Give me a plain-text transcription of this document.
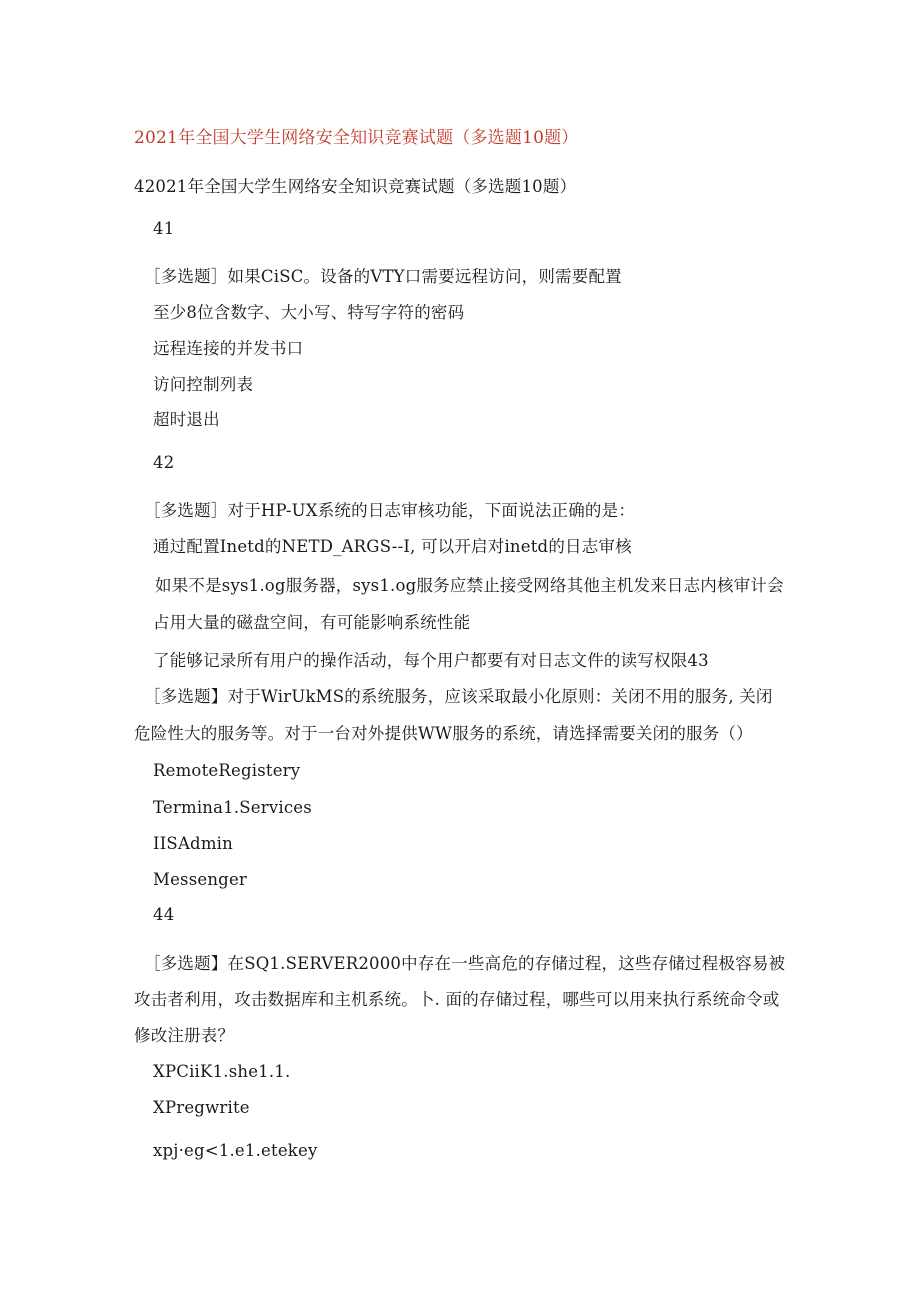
2021年全国大学生网络安全知识竞赛试题（多选题10题）
42021年全国大学生网络安全知识竞赛试题（多选题10题）
41
［多选题］如果CiSC。设备的VTY口需要远程访问，则需要配置
至少8位含数字、大小写、特写字符的密码
远程连接的并发书口
访问控制列表
超时退出
42
［多选题］对于HP-UX系统的日志审核功能，下面说法正确的是：
通过配置Inetd的NETD_ARGS--I, 可以开启对inetd的日志审核
如果不是sys1.og服务器，sys1.og服务应禁止接受网络其他主机发来日志内核审计会
占用大量的磁盘空间，有可能影响系统性能
了能够记录所有用户的操作活动，每个用户都要有对日志文件的读写权限43
［多选题】对于WirUkMS的系统服务，应该采取最小化原则：关闭不用的服务, 关闭
危险性大的服务等。对于一台对外提供WW服务的系统，请选择需要关闭的服务（）
RemoteRegistery
Termina1.Services
IISAdmin
Messenger
44
［多选题】在SQ1.SERVER2000中存在一些高危的存储过程，这些存储过程极容易被
攻击者利用，攻击数据库和主机系统。卜. 面的存储过程，哪些可以用来执行系统命令或
修改注册表？
XPCiiK1.she1.1.
XPregwrite
xpj·eg<1.e1.etekey
